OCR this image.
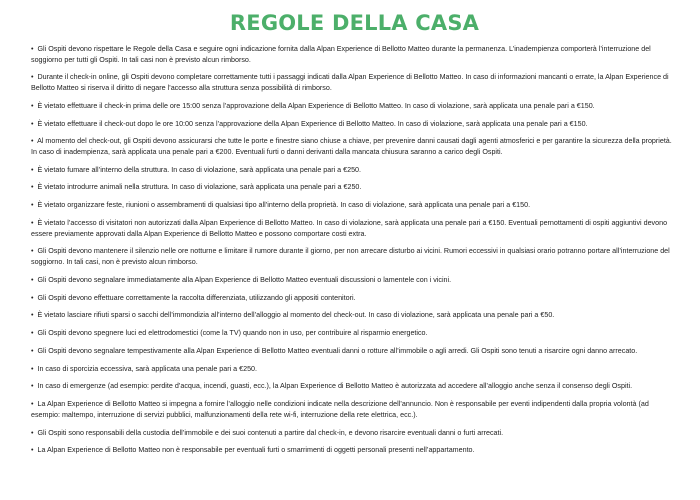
REGOLE DELLA CASA
• Gli Ospiti devono rispettare le Regole della Casa e seguire ogni indicazione fornita dalla Alpan Experience di Bellotto Matteo durante la permanenza. L’inadempienza comporterà l’interruzione del soggiorno per tutti gli Ospiti. In tali casi non è previsto alcun rimborso.
• Durante il check-in online, gli Ospiti devono completare correttamente tutti i passaggi indicati dalla Alpan Experience di Bellotto Matteo. In caso di informazioni mancanti o errate, la Alpan Experience di Bellotto Matteo si riserva il diritto di negare l’accesso alla struttura senza possibilità di rimborso.
• È vietato effettuare il check-in prima delle ore 15:00 senza l’approvazione della Alpan Experience di Bellotto Matteo. In caso di violazione, sarà applicata una penale pari a €150.
• È vietato effettuare il check-out dopo le ore 10:00 senza l’approvazione della Alpan Experience di Bellotto Matteo. In caso di violazione, sarà applicata una penale pari a €150.
• Al momento del check-out, gli Ospiti devono assicurarsi che tutte le porte e finestre siano chiuse a chiave, per prevenire danni causati dagli agenti atmosferici e per garantire la sicurezza della proprietà. In caso di inadempienza, sarà applicata una penale pari a €200. Eventuali furti o danni derivanti dalla mancata chiusura saranno a carico degli Ospiti.
• È vietato fumare all’interno della struttura. In caso di violazione, sarà applicata una penale pari a €250.
• È vietato introdurre animali nella struttura. In caso di violazione, sarà applicata una penale pari a €250.
• È vietato organizzare feste, riunioni o assembramenti di qualsiasi tipo all’interno della proprietà. In caso di violazione, sarà applicata una penale pari a €150.
• È vietato l’accesso di visitatori non autorizzati dalla Alpan Experience di Bellotto Matteo. In caso di violazione, sarà applicata una penale pari a €150. Eventuali pernottamenti di ospiti aggiuntivi devono essere previamente approvati dalla Alpan Experience di Bellotto Matteo e possono comportare costi extra.
• Gli Ospiti devono mantenere il silenzio nelle ore notturne e limitare il rumore durante il giorno, per non arrecare disturbo ai vicini. Rumori eccessivi in qualsiasi orario potranno portare all’interruzione del soggiorno. In tali casi, non è previsto alcun rimborso.
• Gli Ospiti devono segnalare immediatamente alla Alpan Experience di Bellotto Matteo eventuali discussioni o lamentele con i vicini.
• Gli Ospiti devono effettuare correttamente la raccolta differenziata, utilizzando gli appositi contenitori.
• È vietato lasciare rifiuti sparsi o sacchi dell’immondizia all’interno dell’alloggio al momento del check-out. In caso di violazione, sarà applicata una penale pari a €50.
• Gli Ospiti devono spegnere luci ed elettrodomestici (come la TV) quando non in uso, per contribuire al risparmio energetico.
• Gli Ospiti devono segnalare tempestivamente alla Alpan Experience di Bellotto Matteo eventuali danni o rotture all’immobile o agli arredi. Gli Ospiti sono tenuti a risarcire ogni danno arrecato.
• In caso di sporcizia eccessiva, sarà applicata una penale pari a €250.
• In caso di emergenze (ad esempio: perdite d’acqua, incendi, guasti, ecc.), la Alpan Experience di Bellotto Matteo è autorizzata ad accedere all’alloggio anche senza il consenso degli Ospiti.
• La Alpan Experience di Bellotto Matteo si impegna a fornire l’alloggio nelle condizioni indicate nella descrizione dell’annuncio. Non è responsabile per eventi indipendenti dalla propria volontà (ad esempio: maltempo, interruzione di servizi pubblici, malfunzionamenti della rete wi-fi, interruzione della rete elettrica, ecc.).
• Gli Ospiti sono responsabili della custodia dell’immobile e dei suoi contenuti a partire dal check-in, e devono risarcire eventuali danni o furti arrecati.
• La Alpan Experience di Bellotto Matteo non è responsabile per eventuali furti o smarrimenti di oggetti personali presenti nell’appartamento.
